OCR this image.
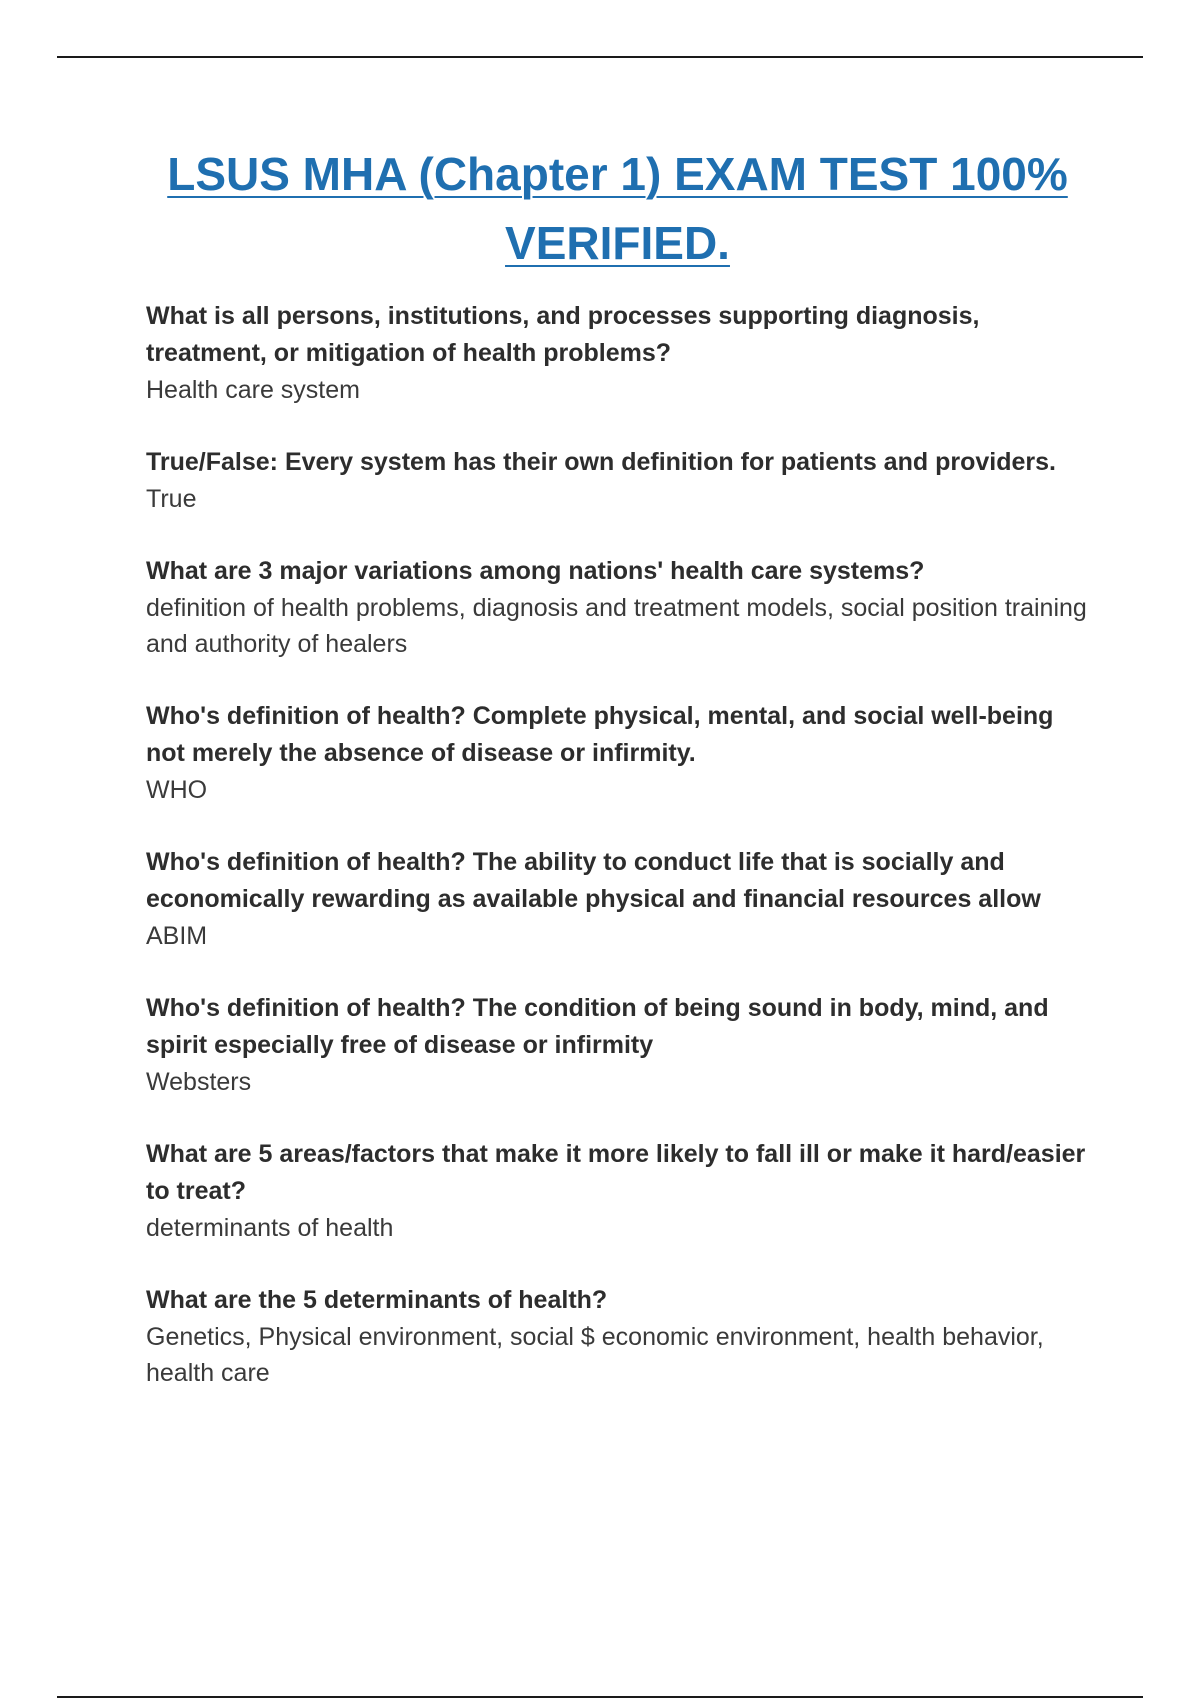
LSUS MHA (Chapter 1) EXAM TEST 100% VERIFIED.

What is all persons, institutions, and processes supporting diagnosis, treatment, or mitigation of health problems?

Health care system

True/False: Every system has their own definition for patients and providers.

True

What are 3 major variations among nations' health care systems?

definition of health problems, diagnosis and treatment models, social position training and authority of healers

Who's definition of health? Complete physical, mental, and social well-being not merely the absence of disease or infirmity.

WHO

Who's definition of health? The ability to conduct life that is socially and economically rewarding as available physical and financial resources allow

ABIM

Who's definition of health? The condition of being sound in body, mind, and spirit especially free of disease or infirmity

Websters

What are 5 areas/factors that make it more likely to fall ill or make it hard/easier to treat?

determinants of health

What are the 5 determinants of health?

Genetics, Physical environment, social $ economic environment, health behavior, health care
